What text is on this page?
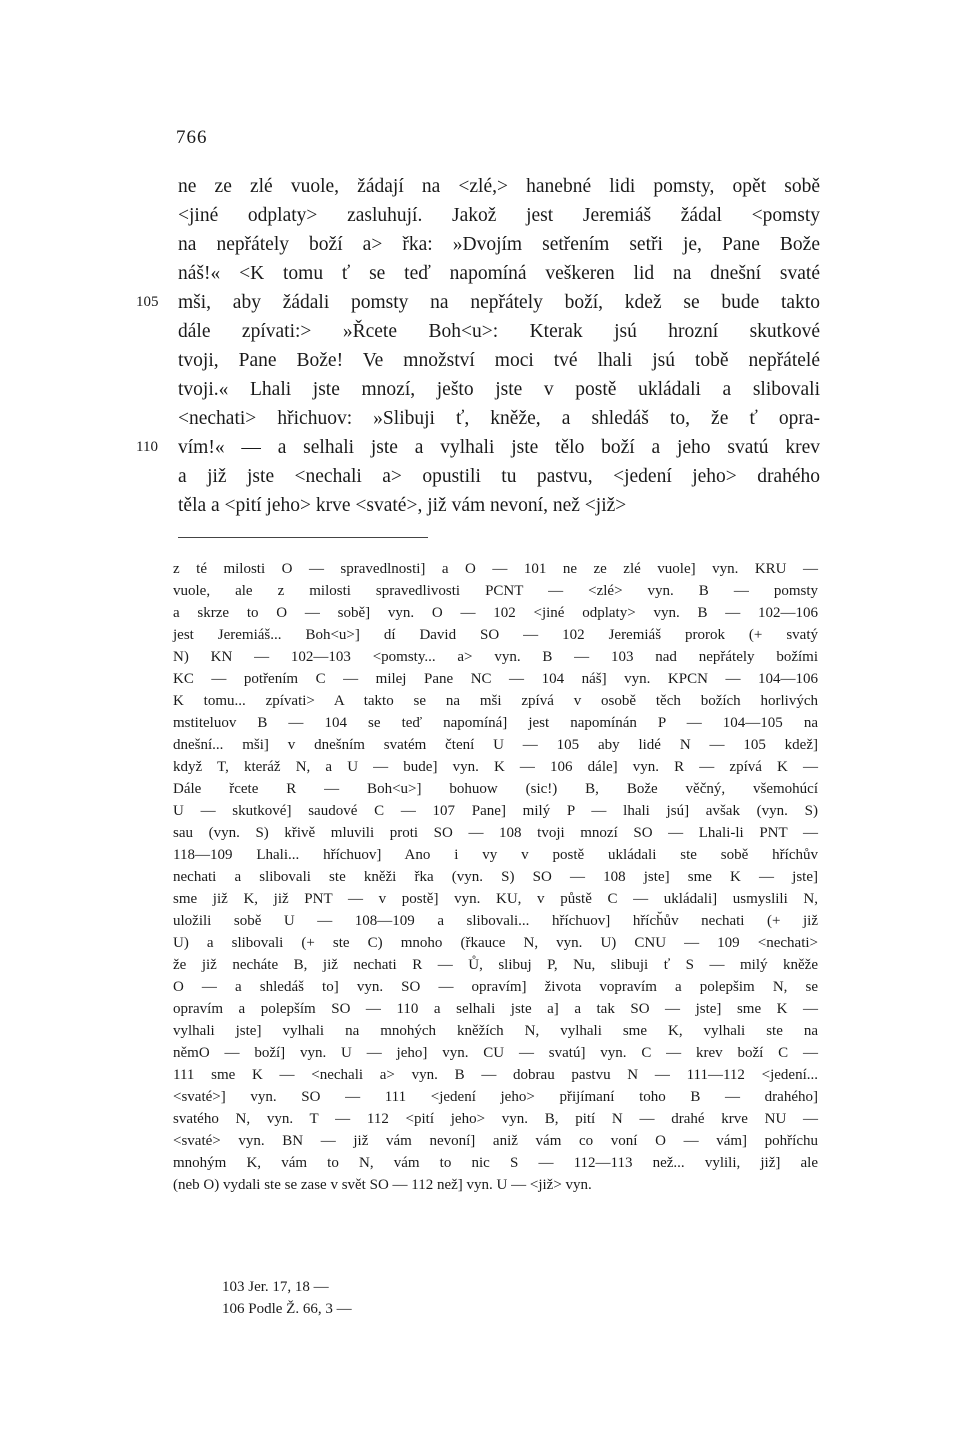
766
ne ze zlé vuole, žádají na <zlé,> hanebné lidi pomsty, opět sobě
<jiné odplaty> zasluhují. Jakož jest Jeremiáš žádal <pomsty
na nepřátely boží a> řka: »Dvojím setřením setři je, Pane Bože
náš!« <K tomu ť se teď napomíná veškeren lid na dnešní svaté
105 mši, aby žádali pomsty na nepřátely boží, kdež se bude takto
dále zpívati:> »Řcete Boh<u>: Kterak jsú hrozní skutkové
tvoji, Pane Bože! Ve množství moci tvé lhali jsú tobě nepřátelé
tvoji.« Lhali jste mnozí, ješto jste v postě ukládali a slibovali
<nechati> hřichuov: »Slibuji ť, kněže, a shledáš to, že ť opra-
110 vím!« — a selhali jste a vylhali jste tělo boží a jeho svatú krev
a již jste <nechali a> opustili tu pastvu, <jedení jeho> drahého
těla a <pití jeho> krve <svaté>, již vám nevoní, než <již>
z té milosti O — spravedlnosti] a O — 101 ne ze zlé vuole] vyn. KRU —
vuole, ale z milosti spravedlivosti PCNT — <zlé> vyn. B — pomsty
a skrze to O — sobě] vyn. O — 102 <jiné odplaty> vyn. B — 102—106
jest Jeremiáš... Boh<u>] dí David SO — 102 Jeremiáš prorok (+ svatý
N) KN — 102—103 <pomsty... a> vyn. B — 103 nad nepřátely božími
KC — potřením C — milej Pane NC — 104 náš] vyn. KPCN — 104—106
K tomu... zpívati> A takto se na mši zpívá v osobě těch božích horlivých
mstiteluov B — 104 se teď napomíná] jest napomínán P — 104—105 na
dnešní... mši] v dnešním svatém čtení U — 105 aby lidé N — 105 kdež]
když T, kteráž N, a U — bude] vyn. K — 106 dále] vyn. R — zpívá K —
Dále řcete R — Boh<u>] bohuow (sic!) B, Bože věčný, všemohúcí
U — skutkové] saudové C — 107 Pane] milý P — lhali jsú] avšak (vyn. S)
sau (vyn. S) křivě mluvili proti SO — 108 tvoji mnozí SO — Lhali-li PNT —
118—109 Lhali... hříchuov] Ano i vy v postě ukládali ste sobě hříchův
nechati a slibovali ste kněži řka (vyn. S) SO — 108 jste] sme K — jste]
sme již K, již PNT — v postě] vyn. KU, v půstě C — ukládali] usmyslili N,
uložili sobě U — 108—109 a slibovali... hříchuov] hřích̆ův nechati (+ již
U) a slibovali (+ ste C) mnoho (řkauce N, vyn. U) CNU — 109 <nechati>
že již necháte B, již nechati R — Ů, slibuj P, Nu, slibuji ť S — milý kněže
O — a shledáš to] vyn. SO — opravím] života vopravím a polepšim N, se
opravím a polepším SO — 110 a selhali jste a] a tak SO — jste] sme K —
vylhali jste] vylhali na mnohých kněžích N, vylhali sme K, vylhali ste na
němO — boží] vyn. U — jeho] vyn. CU — svatú] vyn. C — krev boží C —
111 sme K — <nechali a> vyn. B — dobrau pastvu N — 111—112 <jedení...
<svaté>] vyn. SO — 111 <jedení jeho> přijímaní toho B — drahého]
svatého N, vyn. T — 112 <pití jeho> vyn. B, pití N — drahé krve NU —
<svaté> vyn. BN — již vám nevoní] aniž vám co voní O — vám] pohříchu
mnohým K, vám to N, vám to nic S — 112—113 než... vylili, již] ale
(neb O) vydali ste se zase v svět SO — 112 než] vyn. U — <již> vyn.
103 Jer. 17, 18 —
106 Podle Ž. 66, 3 —
